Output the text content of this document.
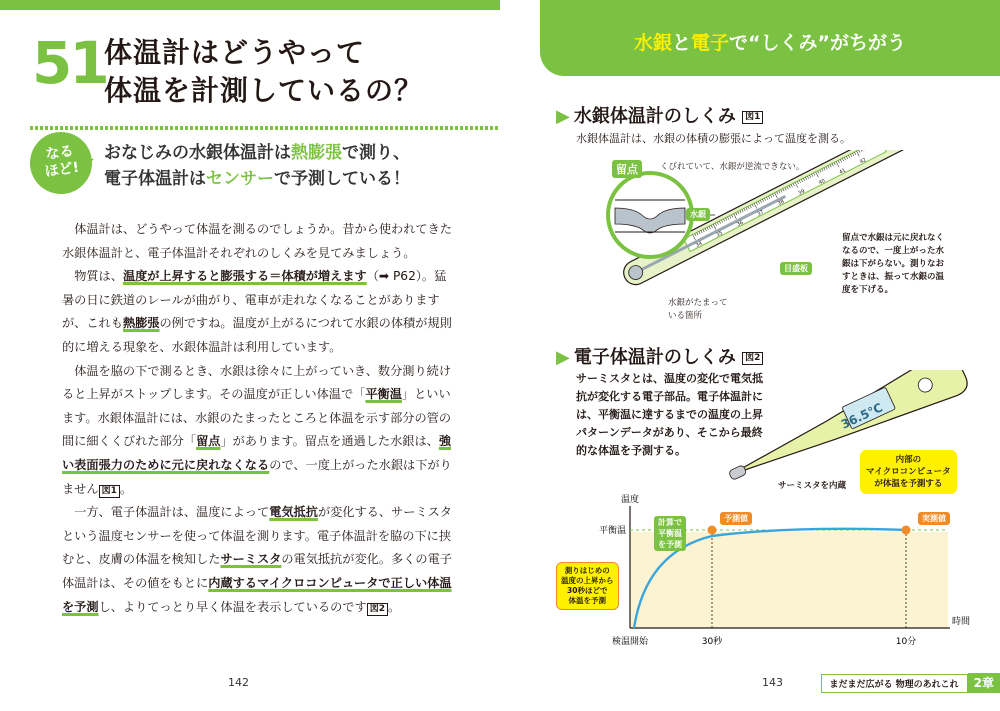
51
体温計はどうやって
体温を計測しているの？
なる
ほど!
おなじみの水銀体温計は熱膨張で測り、
電子体温計はセンサーで予測している！

　体温計は、どうやって体温を測るのでしょうか。昔から使われてきた水銀体温計と、電子体温計それぞれのしくみを見てみましょう。

　物質は、温度が上昇すると膨張する＝体積が増えます（➡ P62）。猛暑の日に鉄道のレールが曲がり、電車が走れなくなることがありますが、これも熱膨張の例ですね。温度が上がるにつれて水銀の体積が規則的に増える現象を、水銀体温計は利用しています。

　体温を脇の下で測るとき、水銀は徐々に上がっていき、数分測り続けると上昇がストップします。その温度が正しい体温で「平衡温」といいます。水銀体温計には、水銀のたまったところと体温を示す部分の管の間に細くくびれた部分「留点」があります。留点を通過した水銀は、強い表面張力のために元に戻れなくなるので、一度上がった水銀は下がりません 図1 。

　一方、電子体温計は、温度によって電気抵抗が変化する、サーミスタという温度センサーを使って体温を測ります。電子体温計を脇の下に挟むと、皮膚の体温を検知したサーミスタの電気抵抗が変化。多くの電子体温計は、その値をもとに内蔵するマイクロコンピュータで正しい体温を予測し、よりてっとり早く体温を表示しているのです 図2 。

142
水銀と電子で“しくみ”がちがう
▶ 水銀体温計のしくみ 図1
水銀体温計は、水銀の体積の膨張によって温度を測る。
34
35
36
37
38
39
40
41
42
留点	くびれていて、水銀が逆流できない。
水銀
目盛板
水銀がたまって
いる箇所
留点で水銀は元に戻れなく
なるので、一度上がった水
銀は下がらない。測りなお
すときは、振って水銀の温
度を下げる。
▶ 電子体温計のしくみ 図2
サーミスタとは、温度の変化で電気抵
抗が変化する電子部品。電子体温計に
は、平衡温に達するまでの温度の上昇
パターンデータがあり、そこから最終
的な体温を予測する。
36.5℃
内部の
マイクロコンピュータ
が体温を予測する
サーミスタを内蔵
温度
平衡温
時間
検温開始	30秒	10分
予測値	実測値
計算で
平衡温
を予測
測りはじめの
温度の上昇から
30秒ほどで
体温を予測
143	まだまだ広がる 物理のあれこれ	2章
